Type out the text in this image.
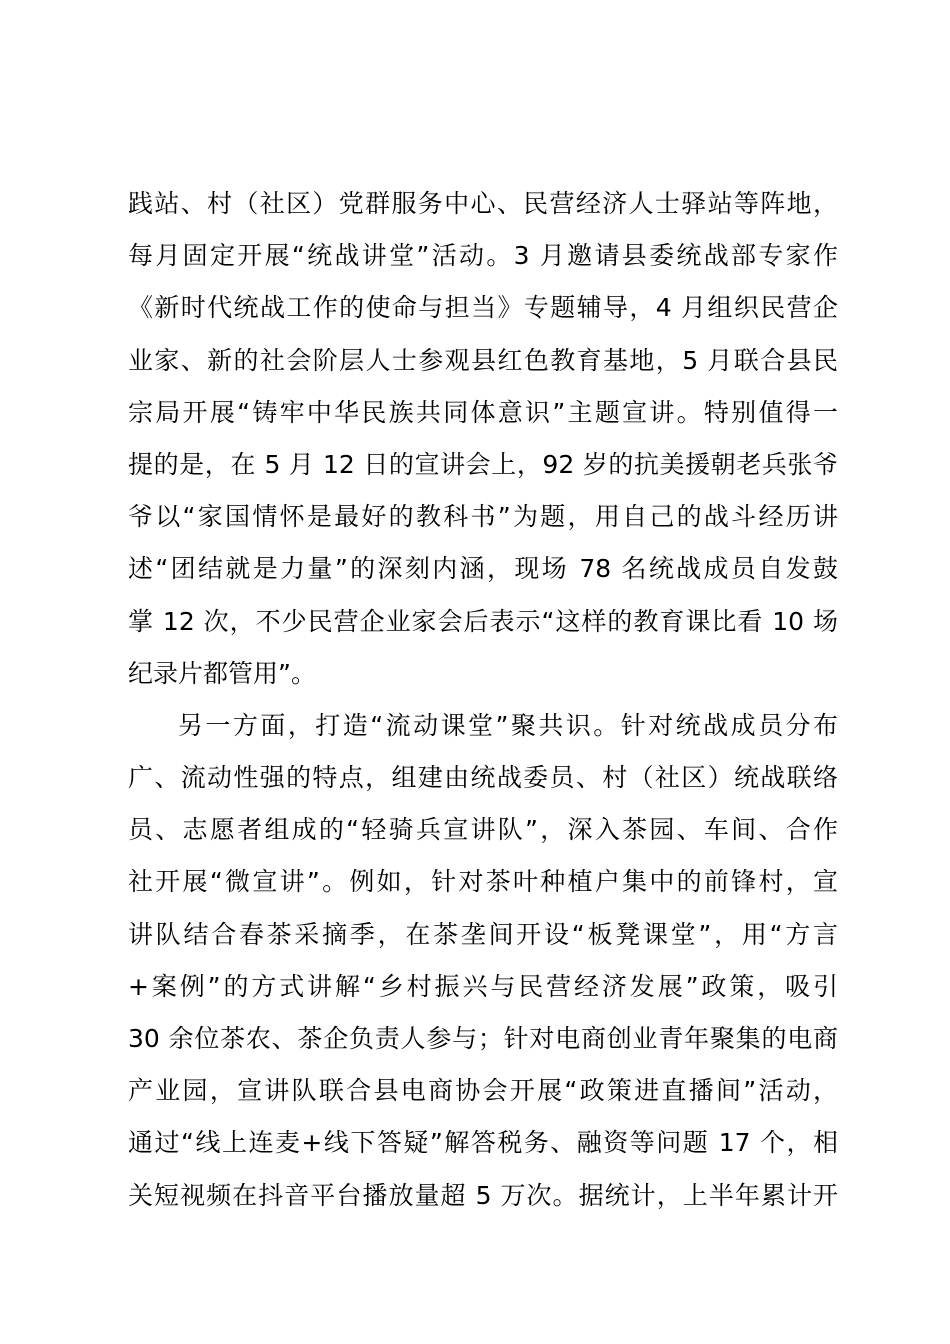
践站、村（社区）党群服务中心、民营经济人士驿站等阵地，
每月固定开展“统战讲堂”活动。3 月邀请县委统战部专家作
《新时代统战工作的使命与担当》专题辅导，4 月组织民营企
业家、新的社会阶层人士参观县红色教育基地，5 月联合县民
宗局开展“铸牢中华民族共同体意识”主题宣讲。特别值得一
提的是，在 5 月 12 日的宣讲会上，92 岁的抗美援朝老兵张爷
爷以“家国情怀是最好的教科书”为题，用自己的战斗经历讲
述“团结就是力量”的深刻内涵，现场 78 名统战成员自发鼓
掌 12 次，不少民营企业家会后表示“这样的教育课比看 10 场
纪录片都管用”。
另一方面，打造“流动课堂”聚共识。针对统战成员分布
广、流动性强的特点，组建由统战委员、村（社区）统战联络
员、志愿者组成的“轻骑兵宣讲队”，深入茶园、车间、合作
社开展“微宣讲”。例如，针对茶叶种植户集中的前锋村，宣
讲队结合春茶采摘季，在茶垄间开设“板凳课堂”，用“方言
+案例”的方式讲解“乡村振兴与民营经济发展”政策，吸引
30 余位茶农、茶企负责人参与；针对电商创业青年聚集的电商
产业园，宣讲队联合县电商协会开展“政策进直播间”活动，
通过“线上连麦+线下答疑”解答税务、融资等问题 17 个，相
关短视频在抖音平台播放量超 5 万次。据统计，上半年累计开
